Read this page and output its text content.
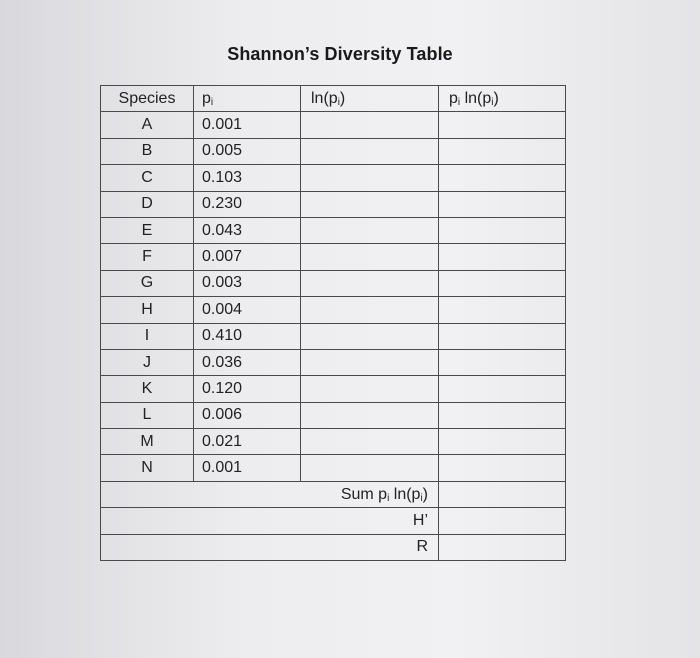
Shannon’s Diversity Table
Species	$p_i$	$\ln(p_i)$	$p_i$ $\ln(p_i)$
A	0.001		
B	0.005		
C	0.103		
D	0.230		
E	0.043		
F	0.007		
G	0.003		
H	0.004		
I	0.410		
J	0.036		
K	0.120		
L	0.006		
M	0.021		
N	0.001		
Sum $p_i$ $\ln(p_i)$			
H’			
R			
